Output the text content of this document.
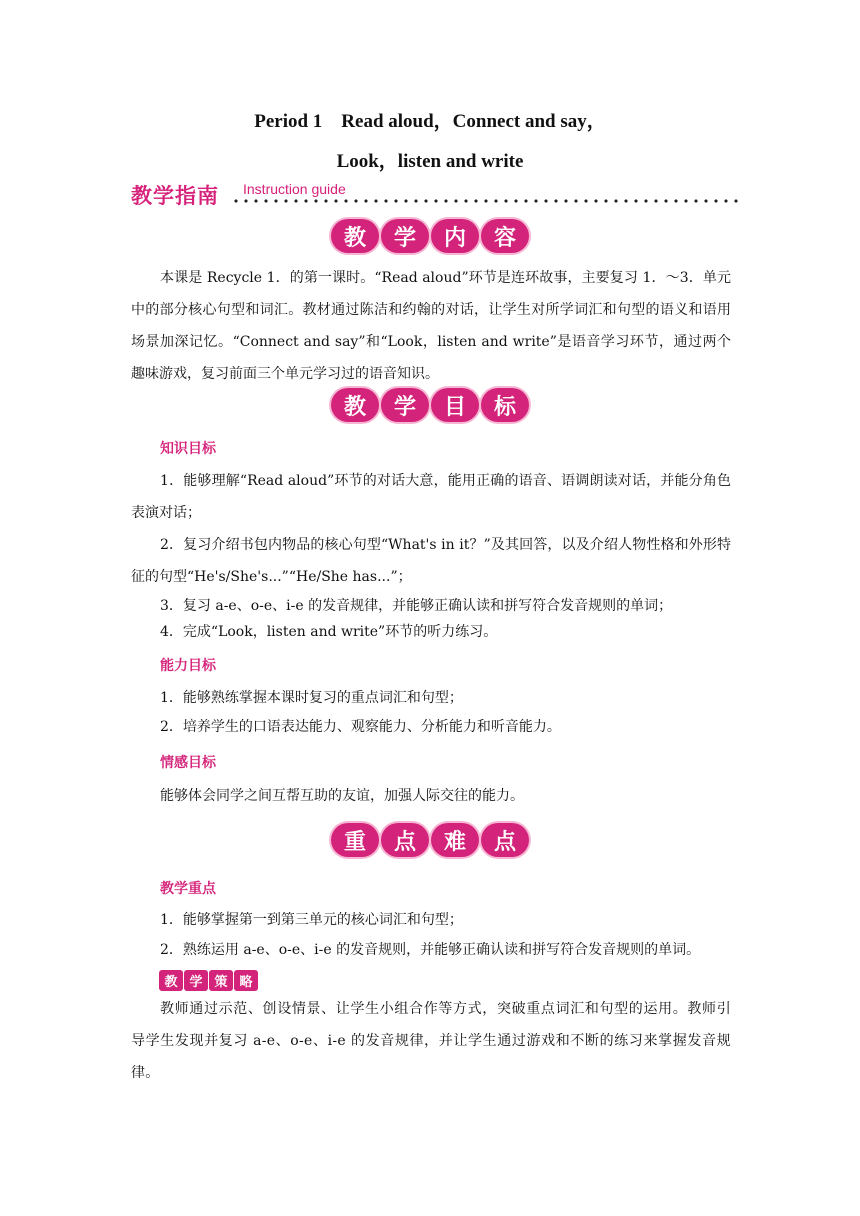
Period 1　Read aloud，Connect and say，
Look，listen and write
教学指南 Instruction guide
教	学	内	容

本课是 Recycle 1．的第一课时。“Read aloud”环节是连环故事，主要复习 1．～3．单元中的部分核心句型和词汇。教材通过陈洁和约翰的对话，让学生对所学词汇和句型的语义和语用场景加深记忆。“Connect and say”和“Look，listen and write”是语音学习环节，通过两个趣味游戏，复习前面三个单元学习过的语音知识。

教	学	目	标

知识目标

1．能够理解“Read aloud”环节的对话大意，能用正确的语音、语调朗读对话，并能分角色表演对话；

2．复习介绍书包内物品的核心句型“What's in it？”及其回答，以及介绍人物性格和外形特征的句型“He's/She's...”“He/She has...”；

3．复习 a-e、o-e、i-e 的发音规律，并能够正确认读和拼写符合发音规则的单词；

4．完成“Look，listen and write”环节的听力练习。

能力目标

1．能够熟练掌握本课时复习的重点词汇和句型；

2．培养学生的口语表达能力、观察能力、分析能力和听音能力。

情感目标

能够体会同学之间互帮互助的友谊，加强人际交往的能力。

重	点	难	点

教学重点

1．能够掌握第一到第三单元的核心词汇和句型；

2．熟练运用 a-e、o-e、i-e 的发音规则，并能够正确认读和拼写符合发音规则的单词。

教 学 策 略

教师通过示范、创设情景、让学生小组合作等方式，突破重点词汇和句型的运用。教师引导学生发现并复习 a-e、o-e、i-e 的发音规律，并让学生通过游戏和不断的练习来掌握发音规律。
